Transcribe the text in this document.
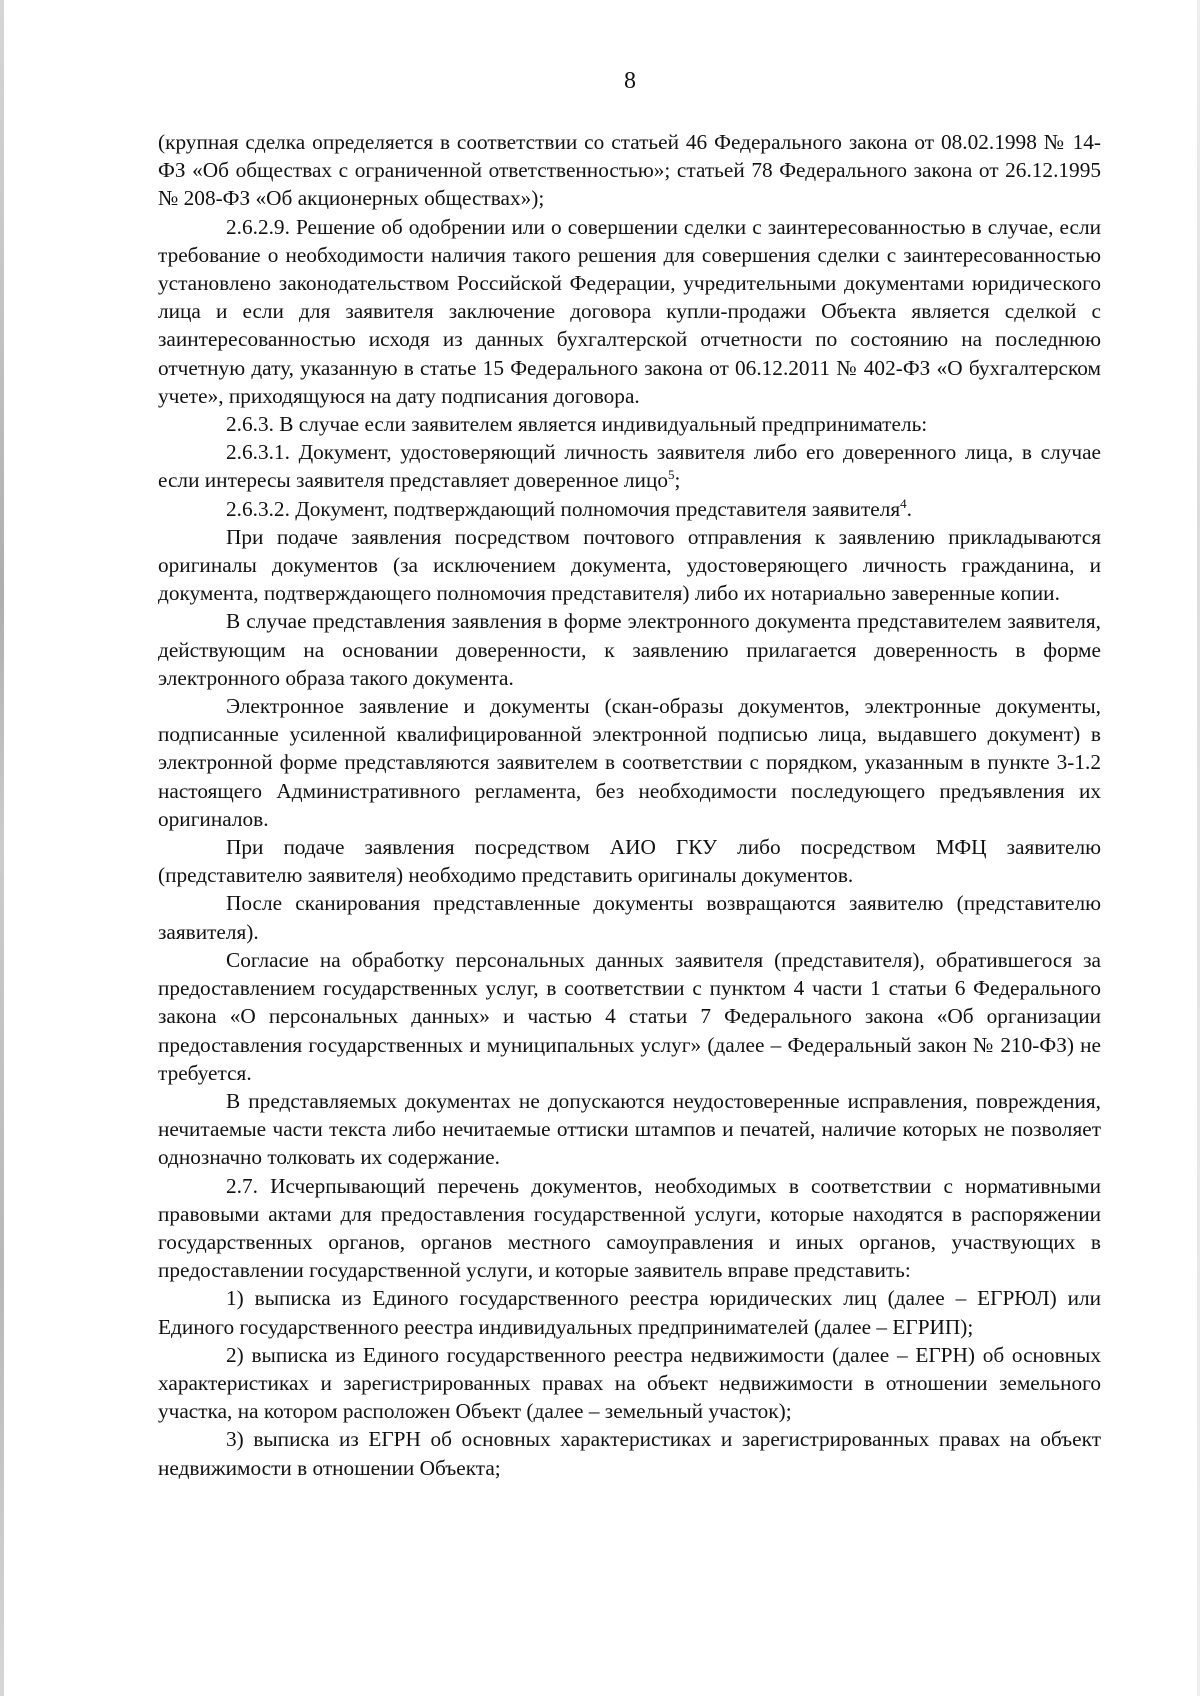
8

(крупная сделка определяется в соответствии со статьей 46 Федерального закона от 08.02.1998 № 14-ФЗ «Об обществах с ограниченной ответственностью»; статьей 78 Федерального закона от 26.12.1995 № 208-ФЗ «Об акционерных обществах»);

2.6.2.9. Решение об одобрении или о совершении сделки с заинтересованностью в случае, если требование о необходимости наличия такого решения для совершения сделки с заинтересованностью установлено законодательством Российской Федерации, учредительными документами юридического лица и если для заявителя заключение договора купли-продажи Объекта является сделкой с заинтересованностью исходя из данных бухгалтерской отчетности по состоянию на последнюю отчетную дату, указанную в статье 15 Федерального закона от 06.12.2011 № 402-ФЗ «О бухгалтерском учете», приходящуюся на дату подписания договора.

2.6.3. В случае если заявителем является индивидуальный предприниматель:

2.6.3.1. Документ, удостоверяющий личность заявителя либо его доверенного лица, в случае если интересы заявителя представляет доверенное лицо$^5$;

2.6.3.2. Документ, подтверждающий полномочия представителя заявителя$^4$.

При подаче заявления посредством почтового отправления к заявлению прикладываются оригиналы документов (за исключением документа, удостоверяющего личность гражданина, и документа, подтверждающего полномочия представителя) либо их нотариально заверенные копии.

В случае представления заявления в форме электронного документа представителем заявителя, действующим на основании доверенности, к заявлению прилагается доверенность в форме электронного образа такого документа.

Электронное заявление и документы (скан-образы документов, электронные документы, подписанные усиленной квалифицированной электронной подписью лица, выдавшего документ) в электронной форме представляются заявителем в соответствии с порядком, указанным в пункте 3-1.2 настоящего Административного регламента, без необходимости последующего предъявления их оригиналов.

При подаче заявления посредством АИО ГКУ либо посредством МФЦ заявителю (представителю заявителя) необходимо представить оригиналы документов.

После сканирования представленные документы возвращаются заявителю (представителю заявителя).

Согласие на обработку персональных данных заявителя (представителя), обратившегося за предоставлением государственных услуг, в соответствии с пунктом 4 части 1 статьи 6 Федерального закона «О персональных данных» и частью 4 статьи 7 Федерального закона «Об организации предоставления государственных и муниципальных услуг» (далее – Федеральный закон № 210-ФЗ) не требуется.

В представляемых документах не допускаются неудостоверенные исправления, повреждения, нечитаемые части текста либо нечитаемые оттиски штампов и печатей, наличие которых не позволяет однозначно толковать их содержание.

2.7. Исчерпывающий перечень документов, необходимых в соответствии с нормативными правовыми актами для предоставления государственной услуги, которые находятся в распоряжении государственных органов, органов местного самоуправления и иных органов, участвующих в предоставлении государственной услуги, и которые заявитель вправе представить:

1) выписка из Единого государственного реестра юридических лиц (далее – ЕГРЮЛ) или Единого государственного реестра индивидуальных предпринимателей (далее – ЕГРИП);

2) выписка из Единого государственного реестра недвижимости (далее – ЕГРН) об основных характеристиках и зарегистрированных правах на объект недвижимости в отношении земельного участка, на котором расположен Объект (далее – земельный участок);

3) выписка из ЕГРН об основных характеристиках и зарегистрированных правах на объект недвижимости в отношении Объекта;
